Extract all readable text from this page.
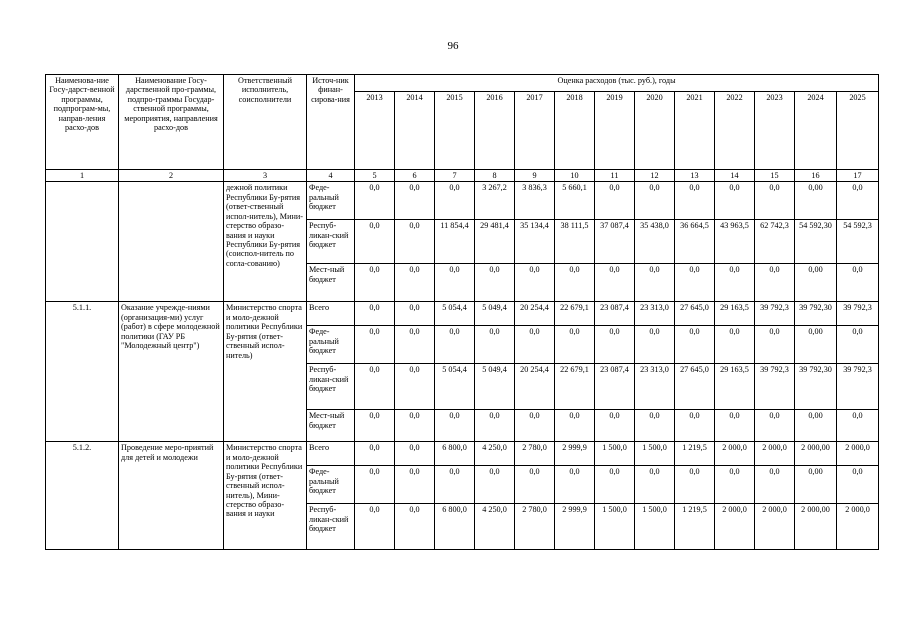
96
Наименова-ние Госу-дарст-венной программы, подпрограм-мы, направ-ления расхо-дов	Наименование Госу-дарственной про-граммы, подпро-граммы Государ-ственной программы, мероприятия, направления расхо-дов	Ответственный исполнитель, соисполнители	Источ-ник финан-сирова-ния	Оценка расходов (тыс. руб.), годы												
				2013	2014	2015	2016	2017	2018	2019	2020	2021	2022	2023	2024	2025
1	2	3	4	5	6	7	8	9	10	11	12	13	14	15	16	17
		дежной политики Республики Бу-рятия (ответ-ственный испол-нитель), Мини-стерство образо-вания и науки Республики Бу-рятия (соиспол-нитель по согла-сованию)	Феде-ральный бюджет	0,0	0,0	0,0	3 267,2	3 836,3	5 660,1	0,0	0,0	0,0	0,0	0,0	0,00	0,0
			Респуб-ликан-ский бюджет	0,0	0,0	11 854,4	29 481,4	35 134,4	38 111,5	37 087,4	35 438,0	36 664,5	43 963,5	62 742,3	54 592,30	54 592,3
			Мест-ный бюджет	0,0	0,0	0,0	0,0	0,0	0,0	0,0	0,0	0,0	0,0	0,0	0,00	0,0
5.1.1.	Оказание учрежде-ниями (организация-ми) услуг (работ) в сфере молодежной политики (ГАУ РБ "Молодежный центр")	Министерство спорта и моло-дежной политики Республики Бу-рятия (ответ-ственный испол-нитель)	Всего	0,0	0,0	5 054,4	5 049,4	20 254,4	22 679,1	23 087,4	23 313,0	27 645,0	29 163,5	39 792,3	39 792,30	39 792,3
			Феде-ральный бюджет	0,0	0,0	0,0	0,0	0,0	0,0	0,0	0,0	0,0	0,0	0,0	0,00	0,0
			Респуб-ликан-ский бюджет	0,0	0,0	5 054,4	5 049,4	20 254,4	22 679,1	23 087,4	23 313,0	27 645,0	29 163,5	39 792,3	39 792,30	39 792,3
			Мест-ный бюджет	0,0	0,0	0,0	0,0	0,0	0,0	0,0	0,0	0,0	0,0	0,0	0,00	0,0
5.1.2.	Проведение меро-приятий для детей и молодежи	Министерство спорта и моло-дежной политики Республики Бу-рятия (ответ-ственный испол-нитель), Мини-стерство образо-вания и науки	Всего	0,0	0,0	6 800,0	4 250,0	2 780,0	2 999,9	1 500,0	1 500,0	1 219,5	2 000,0	2 000,0	2 000,00	2 000,0
			Феде-ральный бюджет	0,0	0,0	0,0	0,0	0,0	0,0	0,0	0,0	0,0	0,0	0,0	0,00	0,0
			Респуб-ликан-ский бюджет	0,0	0,0	6 800,0	4 250,0	2 780,0	2 999,9	1 500,0	1 500,0	1 219,5	2 000,0	2 000,0	2 000,00	2 000,0
